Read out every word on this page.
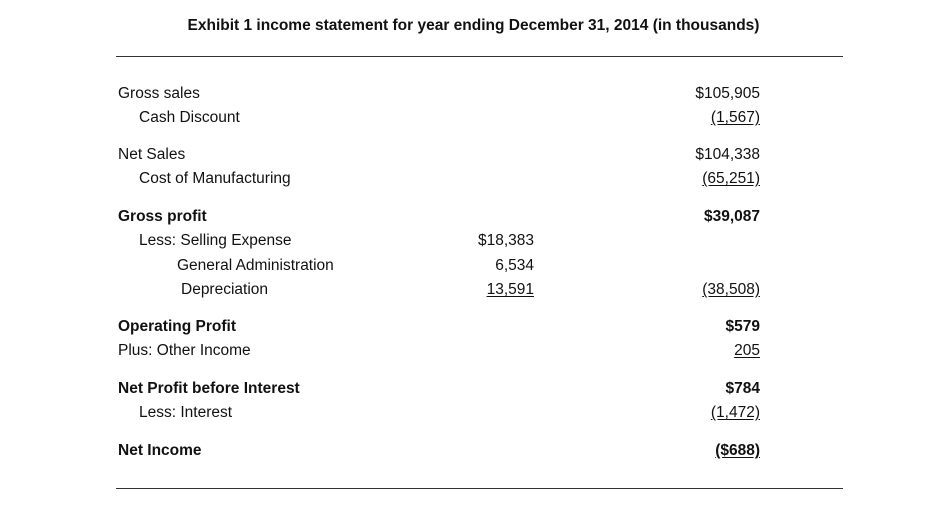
Exhibit 1 income statement for year ending December 31, 2014 (in thousands)
Gross sales	$105,905
Cash Discount	(1,567)
Net Sales	$104,338
Cost of Manufacturing	(65,251)
Gross profit	$39,087
Less: Selling Expense	$18,383
General Administration	6,534
Depreciation	13,591	(38,508)
Operating Profit	$579
Plus: Other Income	205
Net Profit before Interest	$784
Less: Interest	(1,472)
Net Income	($688)
